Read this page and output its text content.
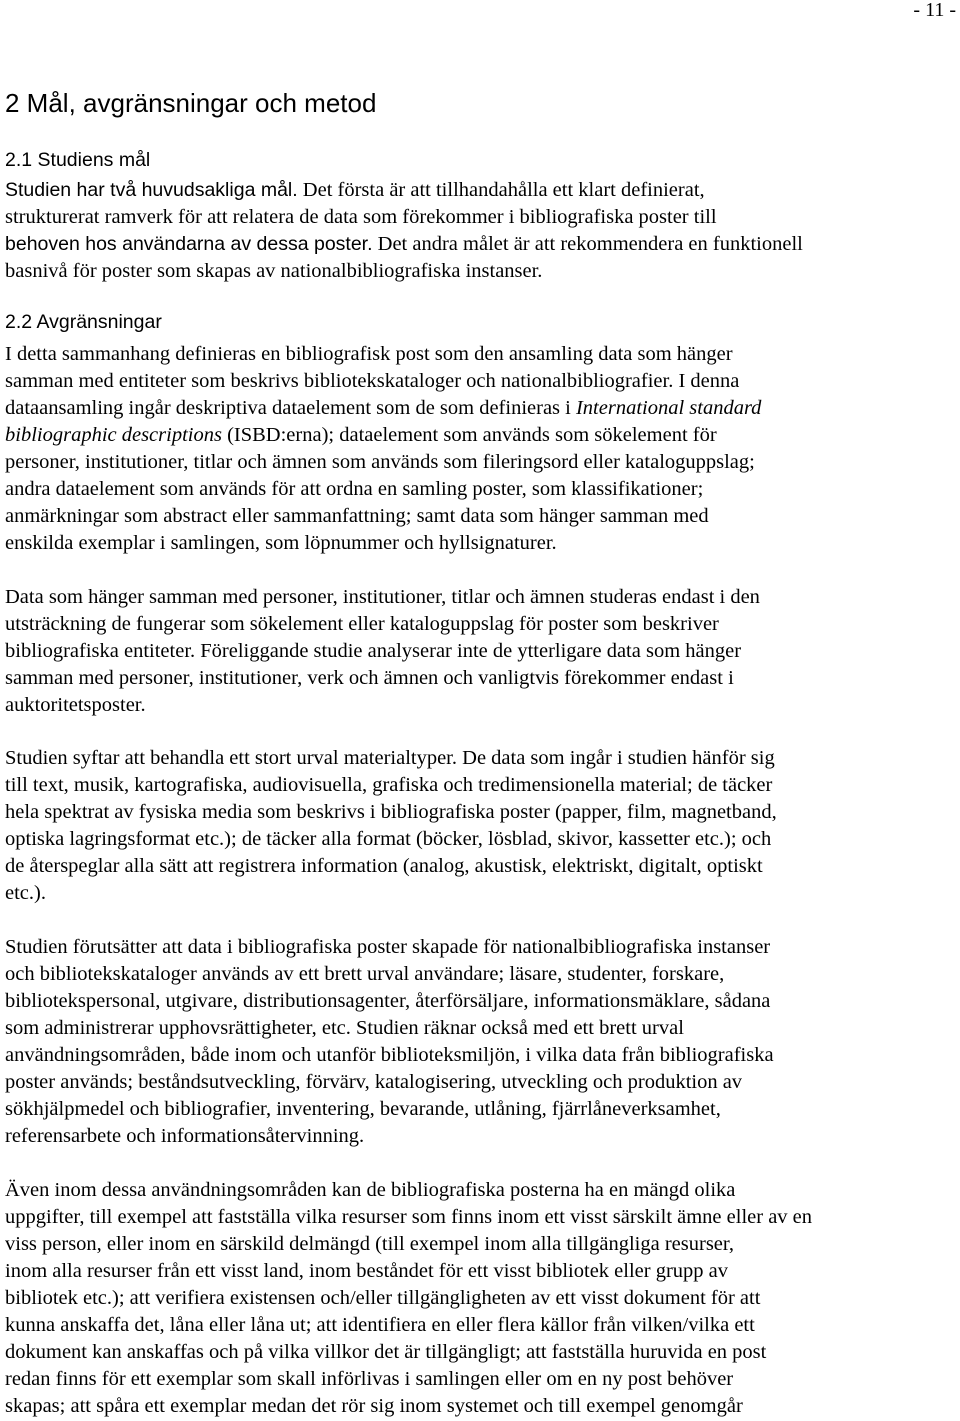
- 11 -
2 Mål, avgränsningar och metod
2.1 Studiens mål
Studien har två huvudsakliga mål. Det första är att tillhandahålla ett klart definierat,
strukturerat ramverk för att relatera de data som förekommer i bibliografiska poster till
behoven hos användarna av dessa poster. Det andra målet är att rekommendera en funktionell
basnivå för poster som skapas av nationalbibliografiska instanser.
2.2 Avgränsningar
I detta sammanhang definieras en bibliografisk post som den ansamling data som hänger
samman med entiteter som beskrivs bibliotekskataloger och nationalbibliografier. I denna
dataansamling ingår deskriptiva dataelement som de som definieras i International standard
bibliographic descriptions (ISBD:erna); dataelement som används som sökelement för
personer, institutioner, titlar och ämnen som används som fileringsord eller kataloguppslag;
andra dataelement som används för att ordna en samling poster, som klassifikationer;
anmärkningar som abstract eller sammanfattning; samt data som hänger samman med
enskilda exemplar i samlingen, som löpnummer och hyllsignaturer.
Data som hänger samman med personer, institutioner, titlar och ämnen studeras endast i den
utsträckning de fungerar som sökelement eller kataloguppslag för poster som beskriver
bibliografiska entiteter. Föreliggande studie analyserar inte de ytterligare data som hänger
samman med personer, institutioner, verk och ämnen och vanligtvis förekommer endast i
auktoritetsposter.
Studien syftar att behandla ett stort urval materialtyper. De data som ingår i studien hänför sig
till text, musik, kartografiska, audiovisuella, grafiska och tredimensionella material; de täcker
hela spektrat av fysiska media som beskrivs i bibliografiska poster (papper, film, magnetband,
optiska lagringsformat etc.); de täcker alla format (böcker, lösblad, skivor, kassetter etc.); och
de återspeglar alla sätt att registrera information (analog, akustisk, elektriskt, digitalt, optiskt
etc.).
Studien förutsätter att data i bibliografiska poster skapade för nationalbibliografiska instanser
och bibliotekskataloger används av ett brett urval användare; läsare, studenter, forskare,
bibliotekspersonal, utgivare, distributionsagenter, återförsäljare, informationsmäklare, sådana
som administrerar upphovsrättigheter, etc. Studien räknar också med ett brett urval
användningsområden, både inom och utanför biblioteksmiljön, i vilka data från bibliografiska
poster används; beståndsutveckling, förvärv, katalogisering, utveckling och produktion av
sökhjälpmedel och bibliografier, inventering, bevarande, utlåning, fjärrlåneverksamhet,
referensarbete och informationsåtervinning.
Även inom dessa användningsområden kan de bibliografiska posterna ha en mängd olika
uppgifter, till exempel att fastställa vilka resurser som finns inom ett visst särskilt ämne eller av en
viss person, eller inom en särskild delmängd (till exempel inom alla tillgängliga resurser,
inom alla resurser från ett visst land, inom beståndet för ett visst bibliotek eller grupp av
bibliotek etc.); att verifiera existensen och/eller tillgängligheten av ett visst dokument för att
kunna anskaffa det, låna eller låna ut; att identifiera en eller flera källor från vilken/vilka ett
dokument kan anskaffas och på vilka villkor det är tillgängligt; att fastställa huruvida en post
redan finns för ett exemplar som skall införlivas i samlingen eller om en ny post behöver
skapas; att spåra ett exemplar medan det rör sig inom systemet och till exempel genomgår
